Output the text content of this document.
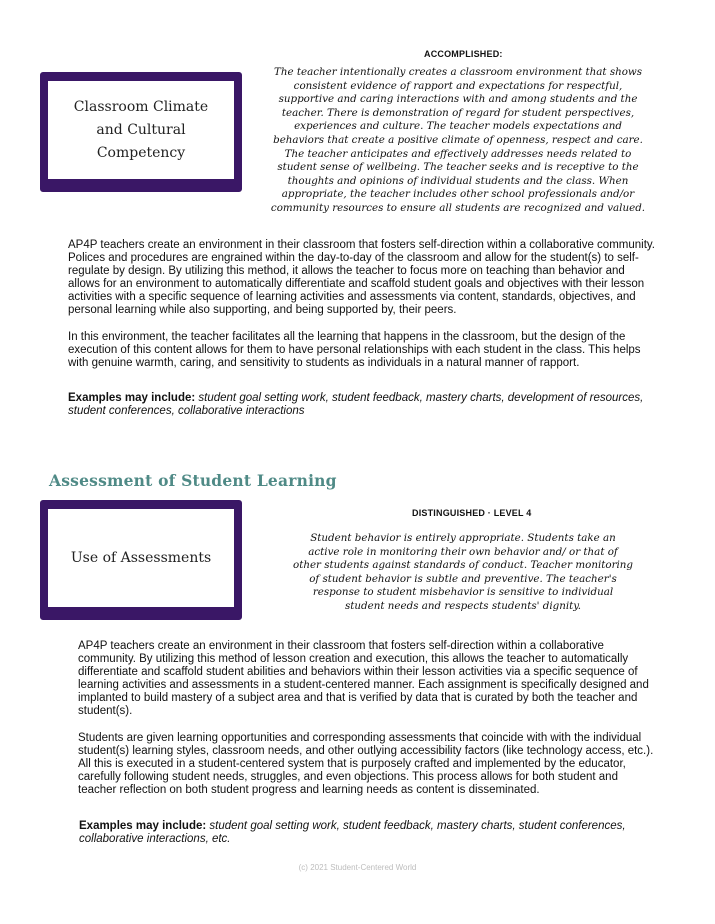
Classroom Climate and Cultural Competency
ACCOMPLISHED:
The teacher intentionally creates a classroom environment that shows consistent evidence of rapport and expectations for respectful, supportive and caring interactions with and among students and the teacher. There is demonstration of regard for student perspectives, experiences and culture. The teacher models expectations and behaviors that create a positive climate of openness, respect and care. The teacher anticipates and effectively addresses needs related to student sense of wellbeing. The teacher seeks and is receptive to the thoughts and opinions of individual students and the class. When appropriate, the teacher includes other school professionals and/or community resources to ensure all students are recognized and valued.

AP4P teachers create an environment in their classroom that fosters self-direction within a collaborative community. Polices and procedures are engrained within the day-to-day of the classroom and allow for the student(s) to self-regulate by design. By utilizing this method, it allows the teacher to focus more on teaching than behavior and allows for an environment to automatically differentiate and scaffold student goals and objectives with their lesson activities with a specific sequence of learning activities and assessments via content, standards, objectives, and personal learning while also supporting, and being supported by, their peers.

In this environment, the teacher facilitates all the learning that happens in the classroom, but the design of the execution of this content allows for them to have personal relationships with each student in the class. This helps with genuine warmth, caring, and sensitivity to students as individuals in a natural manner of rapport.

Examples may include: student goal setting work, student feedback, mastery charts, development of resources, student conferences, collaborative interactions
Assessment of Student Learning
Use of Assessments
DISTINGUISHED · LEVEL 4
Student behavior is entirely appropriate. Students take an active role in monitoring their own behavior and/ or that of other students against standards of conduct. Teacher monitoring of student behavior is subtle and preventive. The teacher's response to student misbehavior is sensitive to individual student needs and respects students' dignity.

AP4P teachers create an environment in their classroom that fosters self-direction within a collaborative community. By utilizing this method of lesson creation and execution, this allows the teacher to automatically differentiate and scaffold student abilities and behaviors within their lesson activities via a specific sequence of learning activities and assessments in a student-centered manner. Each assignment is specifically designed and implanted to build mastery of a subject area and that is verified by data that is curated by both the teacher and student(s).

Students are given learning opportunities and corresponding assessments that coincide with with the individual student(s) learning styles, classroom needs, and other outlying accessibility factors (like technology access, etc.). All this is executed in a student-centered system that is purposely crafted and implemented by the educator, carefully following student needs, struggles, and even objections. This process allows for both student and teacher reflection on both student progress and learning needs as content is disseminated.

Examples may include: student goal setting work, student feedback, mastery charts, student conferences, collaborative interactions, etc.
(c) 2021 Student-Centered World
